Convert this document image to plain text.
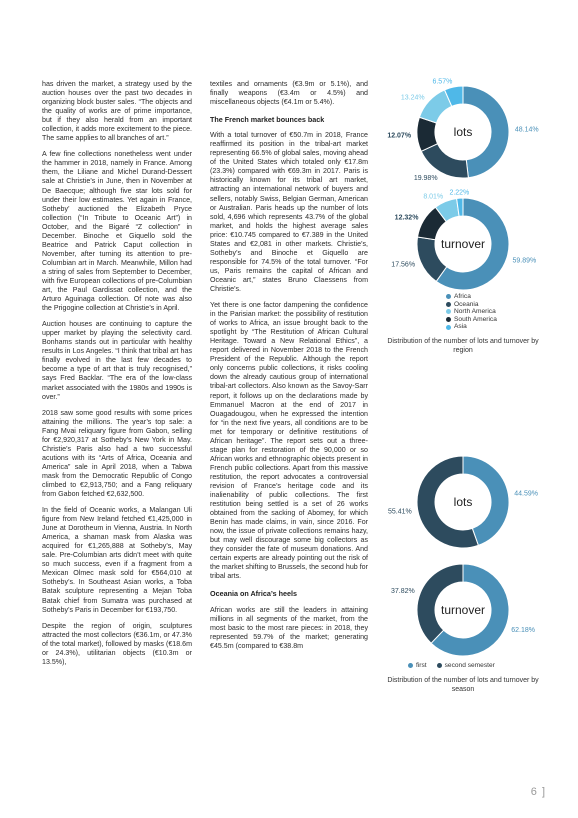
has driven the market, a strategy used by the auction houses over the past two decades in organizing block buster sales. “The objects and the quality of works are of prime importance, but if they also herald from an important collection, it adds more excitement to the piece. The same applies to all branches of art.”

A few fine collections nonetheless went under the hammer in 2018, namely in France. Among them, the Liliane and Michel Durand-Dessert sale at Christie’s in June, then in November at De Baecque; although five star lots sold for under their low estimates. Yet again in France, Sotheby’ auctioned the Elizabeth Pryce collection (“In Tribute to Oceanic Art”) in October, and the Bigaré “Z collection” in December. Binoche et Giquello sold the Beatrice and Patrick Caput collection in November, after turning its attention to pre-Columbian art in March. Meanwhile, Millon had a string of sales from September to December, with five European collections of pre-Columbian art, the Paul Gardissat collection, and the Arturo Aguinaga collection. Of note was also the Prigogine collection at Christie’s in April.

Auction houses are continuing to capture the upper market by playing the selectivity card. Bonhams stands out in particular with healthy results in Los Angeles. “I think that tribal art has finally evolved in the last few decades to become a type of art that is truly recognised,” says Fred Backlar. “The era of the low-class market associated with the 1980s and 1990s is over.”

2018 saw some good results with some prices attaining the millions. The year’s top sale: a Fang Mvai reliquary figure from Gabon, selling for €2,920,317 at Sotheby’s New York in May. Christie’s Paris also had a two successful acutions with its “Arts of Africa, Oceania and America” sale in April 2018, when a Tabwa mask from the Democratic Republic of Congo climbed to €2,913,750; and a Fang reliquary from Gabon fetched €2,632,500.

In the field of Oceanic works, a Malangan Uli figure from New Ireland fetched €1,425,000 in June at Dorotheum in Vienna, Austria. In North America, a shaman mask from Alaska was acquired for €1,265,888 at Sotheby’s, May sale. Pre-Columbian arts didn’t meet with quite so much success, even if a fragment from a Mexican Olmec mask sold for €564,010 at Sotheby’s. In Southeast Asian works, a Toba Batak sculpture representing a Mejan Toba Batak chief from Sumatra was purchased at Sotheby’s Paris in December for €193,750.

Despite the region of origin, sculptures attracted the most collectors (€36.1m, or 47.3% of the total market), followed by masks (€18.6m or 24.3%), utilitarian objects (€10.3m or 13.5%),

textiles and ornaments (€3.9m or 5.1%), and finally weapons (€3.4m or 4.5%) and miscellaneous objects (€4.1m or 5.4%).

The French market bounces back

With a total turnover of €50.7m in 2018, France reaffirmed its position in the tribal-art market representing 66.5% of global sales, moving ahead of the United States which totaled only €17.8m (23.3%) compared with €69.3m in 2017. Paris is historically known for its tribal art market, attracting an international network of buyers and sellers, notably Swiss, Belgian German, American or Australian. Paris heads up the number of lots sold, 4,696 which represents 43.7% of the global market, and holds the highest average sales price: €10.745 compared to €7.389 in the United States and €2,081 in other markets. Christie’s, Sotheby’s and Binoche et Giquello are responsible for 74.5% of the total turnover. “For us, Paris remains the capital of African and Oceanic art,” states Bruno Claessens from Christie’s.

Yet there is one factor dampening the confidence in the Parisian market: the possibility of restitution of works to Africa, an issue brought back to the spotlight by “The Restitution of African Cultural Heritage. Toward a New Relational Ethics”, a report delivered in November 2018 to the French President of the Republic. Although the report only concerns public collections, it risks cooling down the already cautious group of international tribal-art collectors. Also known as the Savoy-Sarr report, it follows up on the declarations made by Emmanuel Macron at the end of 2017 in Ouagadougou, when he expressed the intention for “in the next five years, all conditions are to be met for temporary or definitive restitutions of African heritage”. The report sets out a three-stage plan for restoration of the 90,000 or so African works and ethnographic objects present in French public collections. Apart from this massive restitution, the report advocates a controversial revision of France’s heritage code and its inalienability of public collections. The first restitution being settled is a set of 26 works obtained from the sacking of Abomey, for which Benin has made claims, in vain, since 2016. For now, the issue of private collections remains hazy, but may well discourage some big collectors as they consider the fate of museum donations. And certain experts are already pointing out the risk of the market shifting to Brussels, the second hub for tribal arts.

Oceania on Africa’s heels

African works are still the leaders in attaining millions in all segments of the market, from the most basic to the most rare pieces: in 2018, they represented 59.7% of the market; generating €45.5m (compared to €38.8m

48.14%
19.98%
12.07%
13.24%
6.57%
lots
59.89%
17.56%
12.32%
8.01%
2.22%
turnover
Africa
Oceania
North America
South America
Asia
Distribution of the number of lots and turnover by region
44.59%
55.41%
lots
62.18%
37.82%
turnover
first	second semester
Distribution of the number of lots and turnover by season
6 ]
